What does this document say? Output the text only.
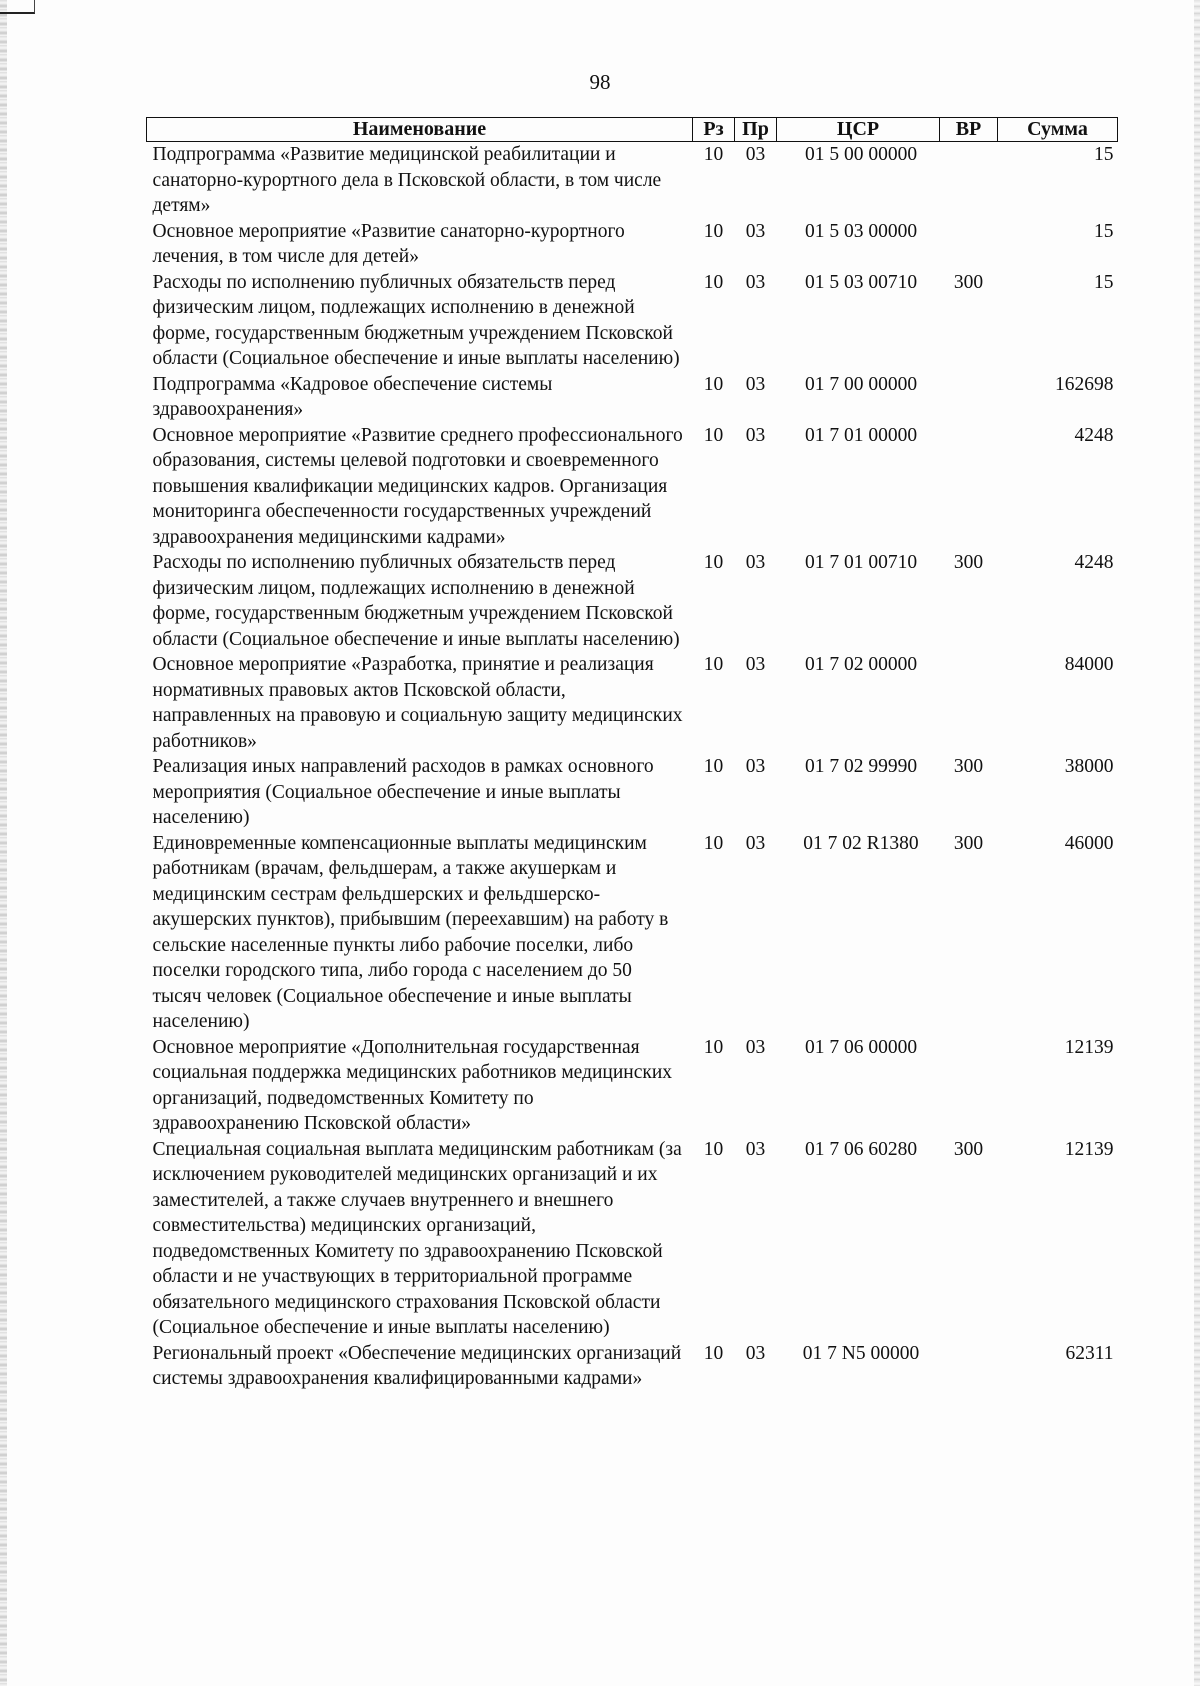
98
Наименование	Рз	Пр	ЦСР	ВР	Сумма
Подпрограмма «Развитие медицинской реабилитации и санаторно-курортного дела в Псковской области, в том числе детям»	10	03	01 5 00 00000		15
Основное мероприятие «Развитие санаторно-курортного лечения, в том числе для детей»	10	03	01 5 03 00000		15
Расходы по исполнению публичных обязательств перед физическим лицом, подлежащих исполнению в денежной форме, государственным бюджетным учреждением Псковской области (Социальное обеспечение и иные выплаты населению)	10	03	01 5 03 00710	300	15
Подпрограмма «Кадровое обеспечение системы здравоохранения»	10	03	01 7 00 00000		162698
Основное мероприятие «Развитие среднего профессионального образования, системы целевой подготовки и своевременного повышения квалификации медицинских кадров. Организация мониторинга обеспеченности государственных учреждений здравоохранения медицинскими кадрами»	10	03	01 7 01 00000		4248
Расходы по исполнению публичных обязательств перед физическим лицом, подлежащих исполнению в денежной форме, государственным бюджетным учреждением Псковской области (Социальное обеспечение и иные выплаты населению)	10	03	01 7 01 00710	300	4248
Основное мероприятие «Разработка, принятие и реализация нормативных правовых актов Псковской области, направленных на правовую и социальную защиту медицинских работников»	10	03	01 7 02 00000		84000
Реализация иных направлений расходов в рамках основного мероприятия (Социальное обеспечение и иные выплаты населению)	10	03	01 7 02 99990	300	38000
Единовременные компенсационные выплаты медицинским работникам (врачам, фельдшерам, а также акушеркам и медицинским сестрам фельдшерских и фельдшерско-акушерских пунктов), прибывшим (переехавшим) на работу в сельские населенные пункты либо рабочие поселки, либо поселки городского типа, либо города с населением до 50 тысяч человек (Социальное обеспечение и иные выплаты населению)	10	03	01 7 02 R1380	300	46000
Основное мероприятие «Дополнительная государственная социальная поддержка медицинских работников медицинских организаций, подведомственных Комитету по здравоохранению Псковской области»	10	03	01 7 06 00000		12139
Специальная социальная выплата медицинским работникам (за исключением руководителей медицинских организаций и их заместителей, а также случаев внутреннего и внешнего совместительства) медицинских организаций, подведомственных Комитету по здравоохранению Псковской области и не участвующих в территориальной программе обязательного медицинского страхования Псковской области (Социальное обеспечение и иные выплаты населению)	10	03	01 7 06 60280	300	12139
Региональный проект «Обеспечение медицинских организаций системы здравоохранения квалифицированными кадрами»	10	03	01 7 N5 00000		62311
